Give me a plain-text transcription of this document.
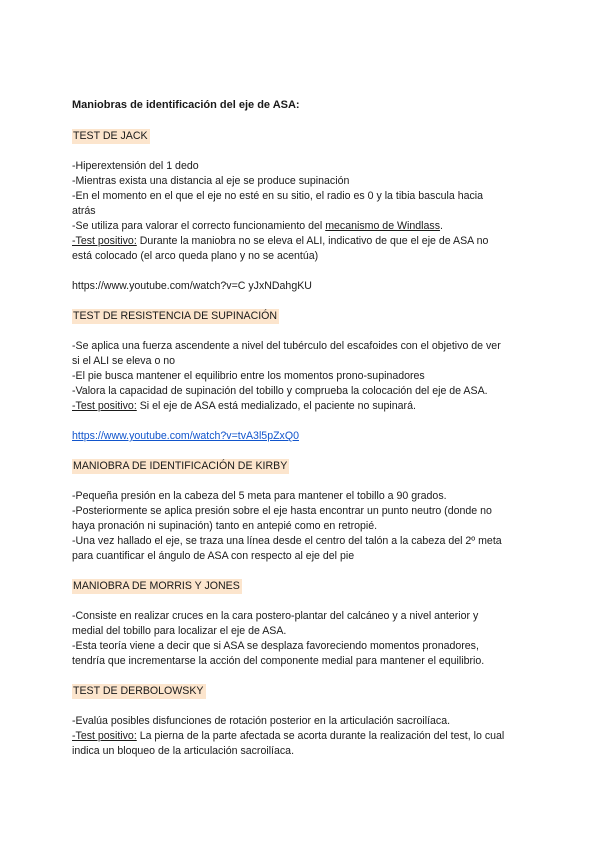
Maniobras de identificación del eje de ASA:

TEST DE JACK
-Hiperextensión del 1 dedo
-Mientras exista una distancia al eje se produce supinación
-En el momento en el que el eje no esté en su sitio, el radio es 0 y la tibia bascula hacia
atrás
-Se utiliza para valorar el correcto funcionamiento del mecanismo de Windlass.
-Test positivo: Durante la maniobra no se eleva el ALI, indicativo de que el eje de ASA no
está colocado (el arco queda plano y no se acentúa)
https://www.youtube.com/watch?v=C yJxNDahgKU
TEST DE RESISTENCIA DE SUPINACIÓN
-Se aplica una fuerza ascendente a nivel del tubérculo del escafoides con el objetivo de ver
si el ALI se eleva o no
-El pie busca mantener el equilibrio entre los momentos prono-supinadores
-Valora la capacidad de supinación del tobillo y comprueba la colocación del eje de ASA.
-Test positivo: Si el eje de ASA está medializado, el paciente no supinará.
https://www.youtube.com/watch?v=tvA3l5pZxQ0
MANIOBRA DE IDENTIFICACIÓN DE KIRBY
-Pequeña presión en la cabeza del 5 meta para mantener el tobillo a 90 grados.
-Posteriormente se aplica presión sobre el eje hasta encontrar un punto neutro (donde no
haya pronación ni supinación) tanto en antepié como en retropié.
-Una vez hallado el eje, se traza una línea desde el centro del talón a la cabeza del 2º meta
para cuantificar el ángulo de ASA con respecto al eje del pie
MANIOBRA DE MORRIS Y JONES
-Consiste en realizar cruces en la cara postero-plantar del calcáneo y a nivel anterior y
medial del tobillo para localizar el eje de ASA.
-Esta teoría viene a decir que si ASA se desplaza favoreciendo momentos pronadores,
tendría que incrementarse la acción del componente medial para mantener el equilibrio.
TEST DE DERBOLOWSKY
-Evalúa posibles disfunciones de rotación posterior en la articulación sacroilíaca.
-Test positivo: La pierna de la parte afectada se acorta durante la realización del test, lo cual
indica un bloqueo de la articulación sacroilíaca.
